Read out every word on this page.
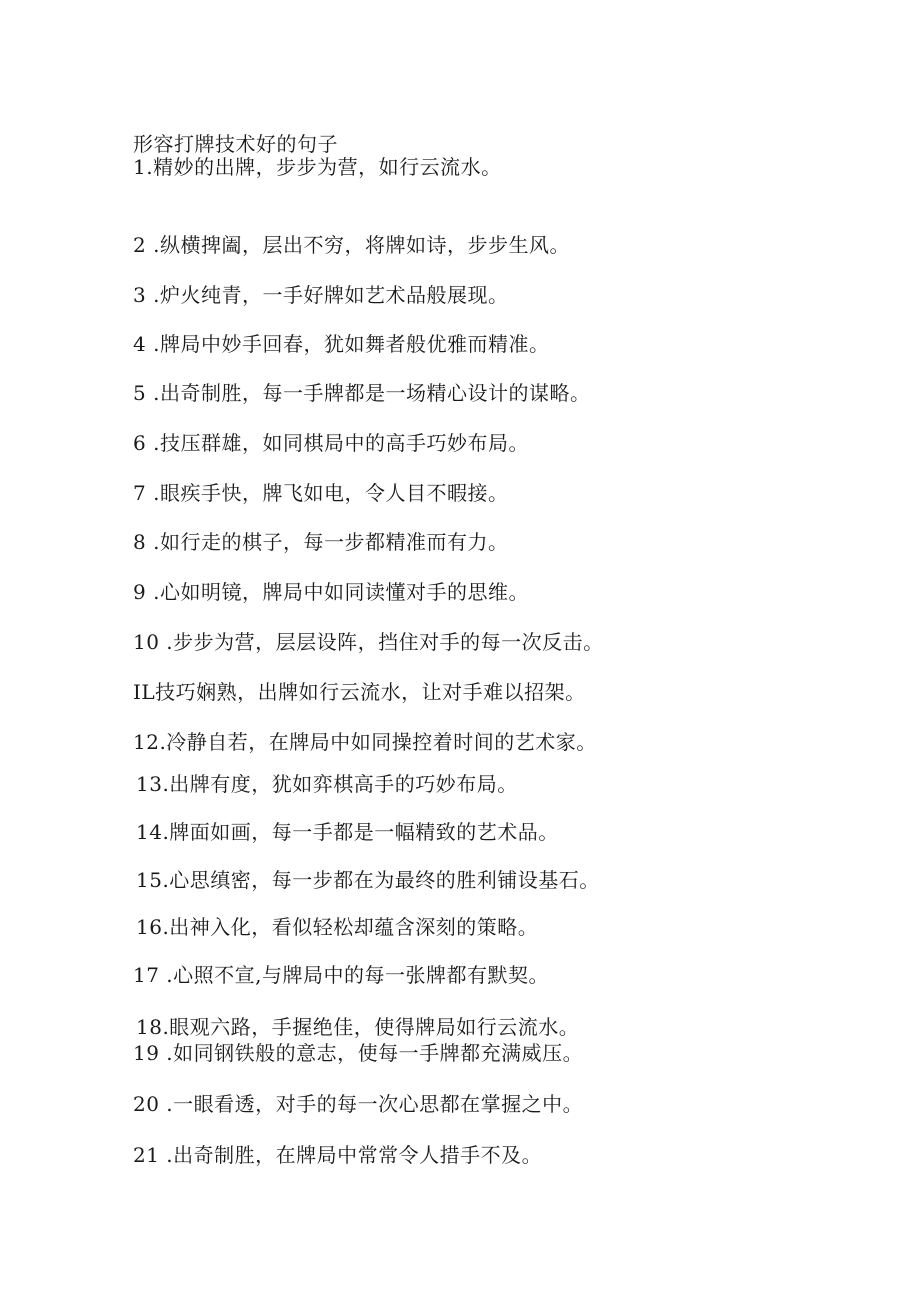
形容打牌技术好的句子
1.精妙的出牌，步步为营，如行云流水。
2 .纵横捭阖，层出不穷，将牌如诗，步步生风。
3 .炉火纯青，一手好牌如艺术品般展现。
4 .牌局中妙手回春，犹如舞者般优雅而精准。
5 .出奇制胜，每一手牌都是一场精心设计的谋略。
6 .技压群雄，如同棋局中的高手巧妙布局。
7 .眼疾手快，牌飞如电，令人目不暇接。
8 .如行走的棋子，每一步都精准而有力。
9 .心如明镜，牌局中如同读懂对手的思维。
10 .步步为营，层层设阵，挡住对手的每一次反击。
IL技巧娴熟，出牌如行云流水，让对手难以招架。
12.冷静自若，在牌局中如同操控着时间的艺术家。
13.出牌有度，犹如弈棋高手的巧妙布局。
14.牌面如画，每一手都是一幅精致的艺术品。
15.心思缜密，每一步都在为最终的胜利铺设基石。
16.出神入化，看似轻松却蕴含深刻的策略。
17 .心照不宣,与牌局中的每一张牌都有默契。
18.眼观六路，手握绝佳，使得牌局如行云流水。
19 .如同钢铁般的意志，使每一手牌都充满威压。
20 .一眼看透，对手的每一次心思都在掌握之中。
21 .出奇制胜，在牌局中常常令人措手不及。
